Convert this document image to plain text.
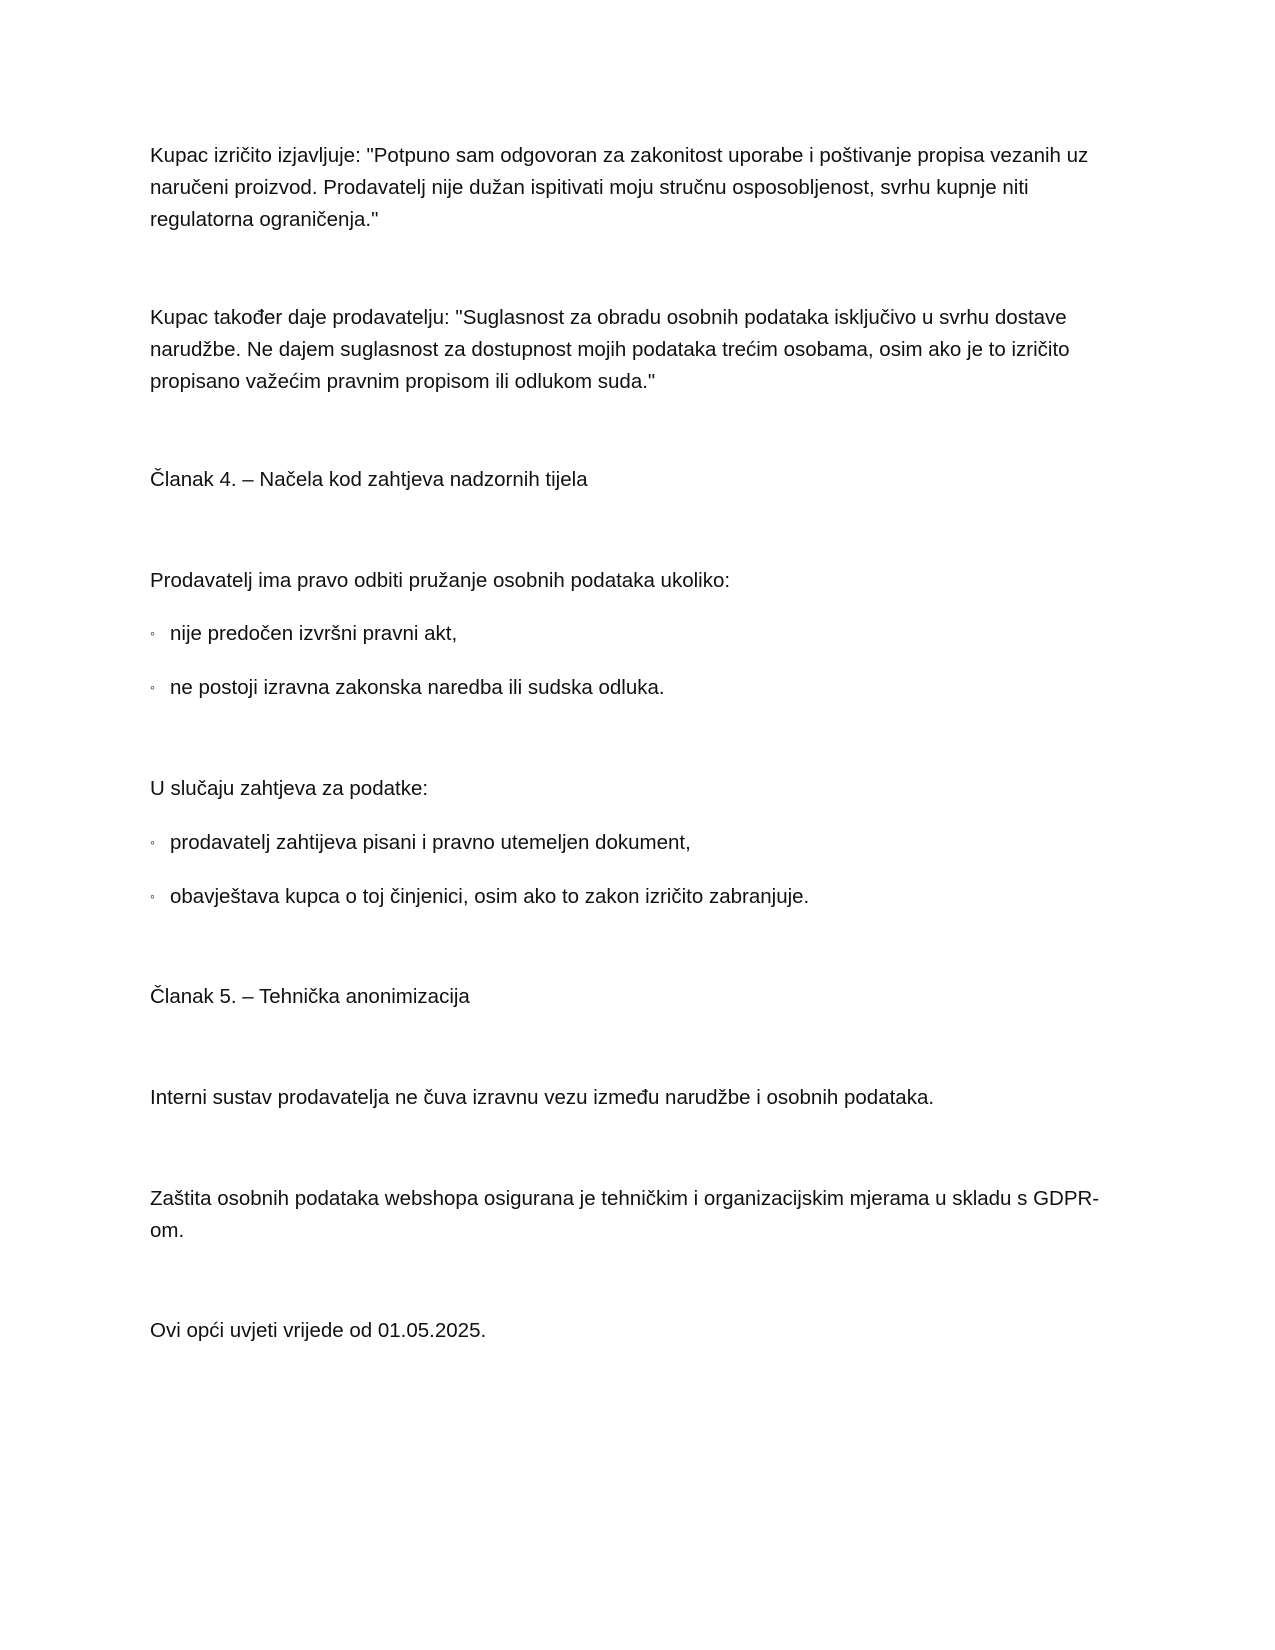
Kupac izričito izjavljuje: "Potpuno sam odgovoran za zakonitost uporabe i poštivanje propisa vezanih uz naručeni proizvod. Prodavatelj nije dužan ispitivati moju stručnu osposobljenost, svrhu kupnje niti regulatorna ograničenja."

Kupac također daje prodavatelju: "Suglasnost za obradu osobnih podataka isključivo u svrhu dostave narudžbe. Ne dajem suglasnost za dostupnost mojih podataka trećim osobama, osim ako je to izričito propisano važećim pravnim propisom ili odlukom suda."

Članak 4. – Načela kod zahtjeva nadzornih tijela

Prodavatelj ima pravo odbiti pružanje osobnih podataka ukoliko:

◦ nije predočen izvršni pravni akt,

◦ ne postoji izravna zakonska naredba ili sudska odluka.

U slučaju zahtjeva za podatke:

◦ prodavatelj zahtijeva pisani i pravno utemeljen dokument,

◦ obavještava kupca o toj činjenici, osim ako to zakon izričito zabranjuje.

Članak 5. – Tehnička anonimizacija

Interni sustav prodavatelja ne čuva izravnu vezu između narudžbe i osobnih podataka.

Zaštita osobnih podataka webshopa osigurana je tehničkim i organizacijskim mjerama u skladu s GDPR-om.

Ovi opći uvjeti vrijede od 01.05.2025.
